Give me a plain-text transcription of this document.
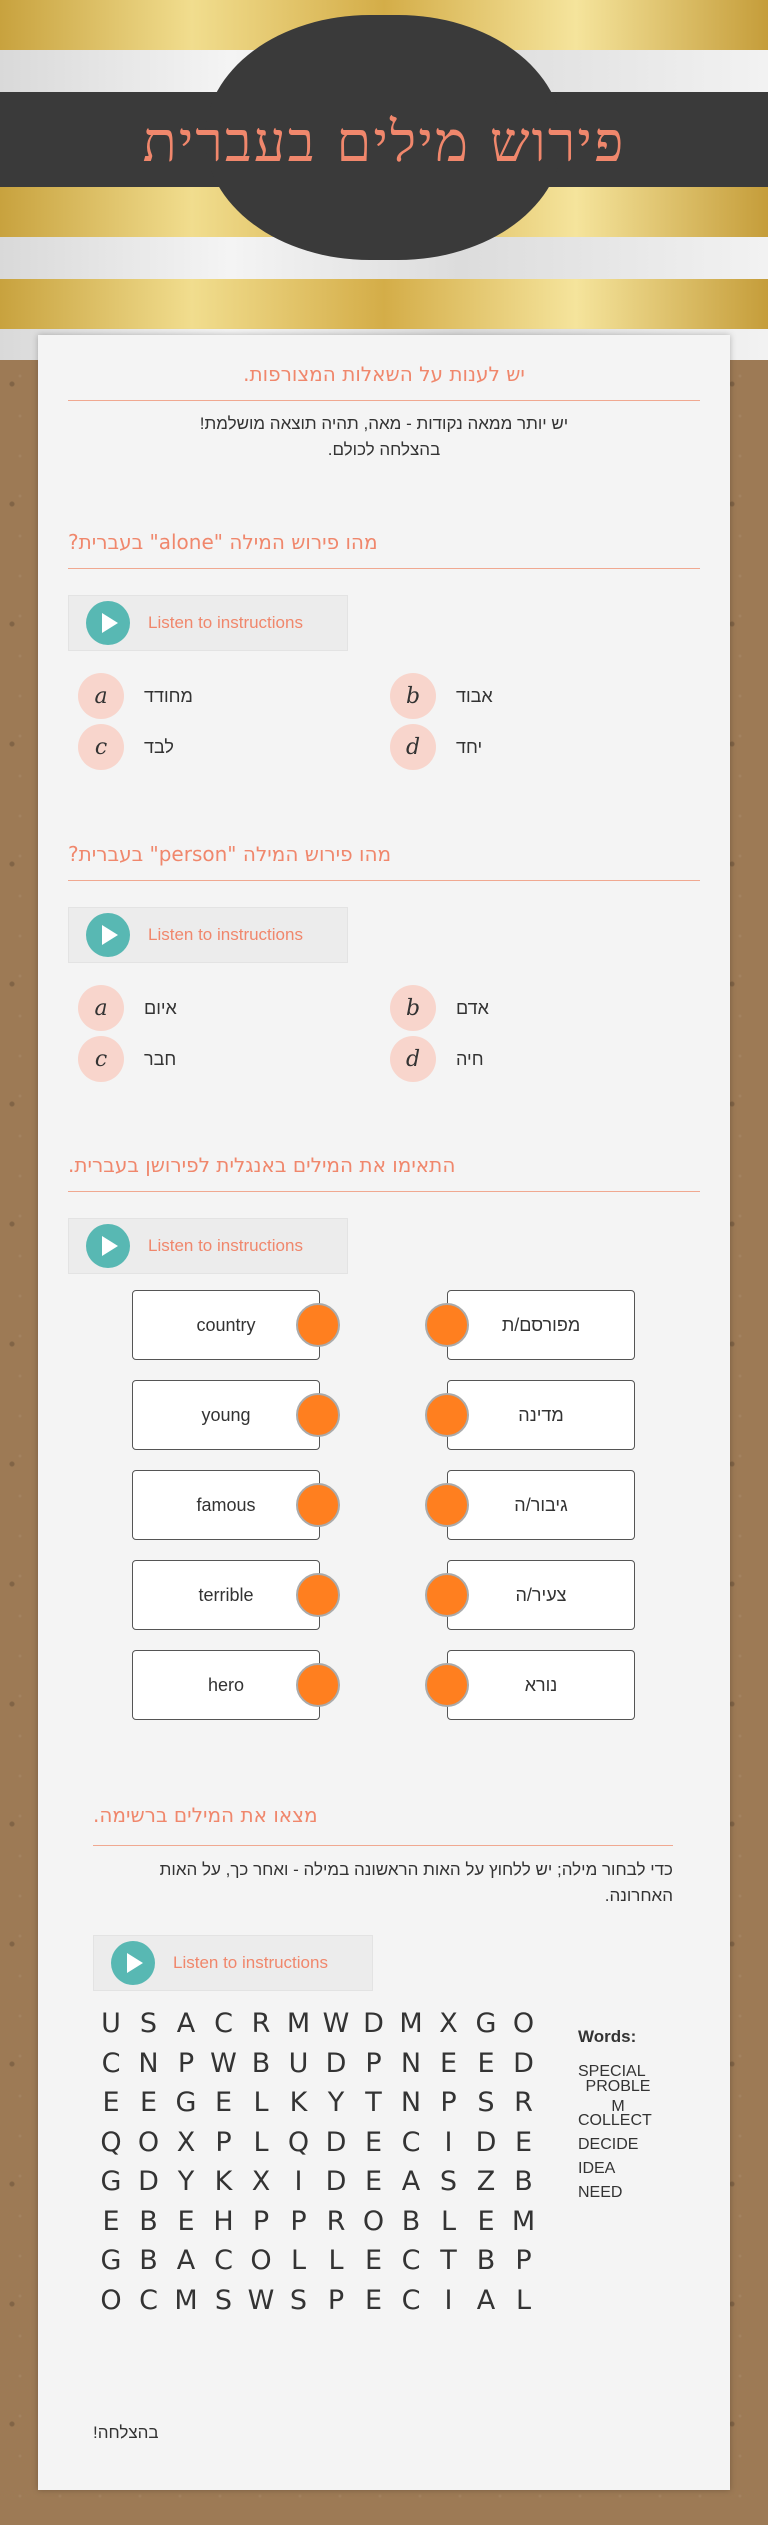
פירוש מילים בעברית
יש לענות על השאלות המצורפות.
יש יותר ממאה נקודות - מאה, תהיה תוצאה מושלמת!
בהצלחה לכולם.
מהו פירוש המילה "alone" בעברית?
Listen to instructions
a	מחודד	b	אבוד
c	לבד	d	יחד
מהו פירוש המילה "person" בעברית?
Listen to instructions
a	איום	b	אדם
c	חבר	d	חיה
התאימו את המילים באנגלית לפירושן בעברית.
Listen to instructions
country	מפורסם/ת
young	מדינה
famous	גיבור/ה
terrible	צעיר/ה
hero	נורא
מצאו את המילים ברשימה.
כדי לבחור מילה; יש ללחוץ על האות הראשונה במילה - ואחר כך, על האות האחרונה.
Listen to instructions
U S A C R M W D M X G O
C N P W B U D P N E E D
E E G E L K Y T N P S R
Q O X P L Q D E C I D E
G D Y K X I D E A S Z B
E B E H P P R O B L E M
G B A C O L L E C T B P
O C M S W S P E C I A L
Words:
SPECIAL
PROBLE M
COLLECT
DECIDE
IDEA
NEED
בהצלחה!
